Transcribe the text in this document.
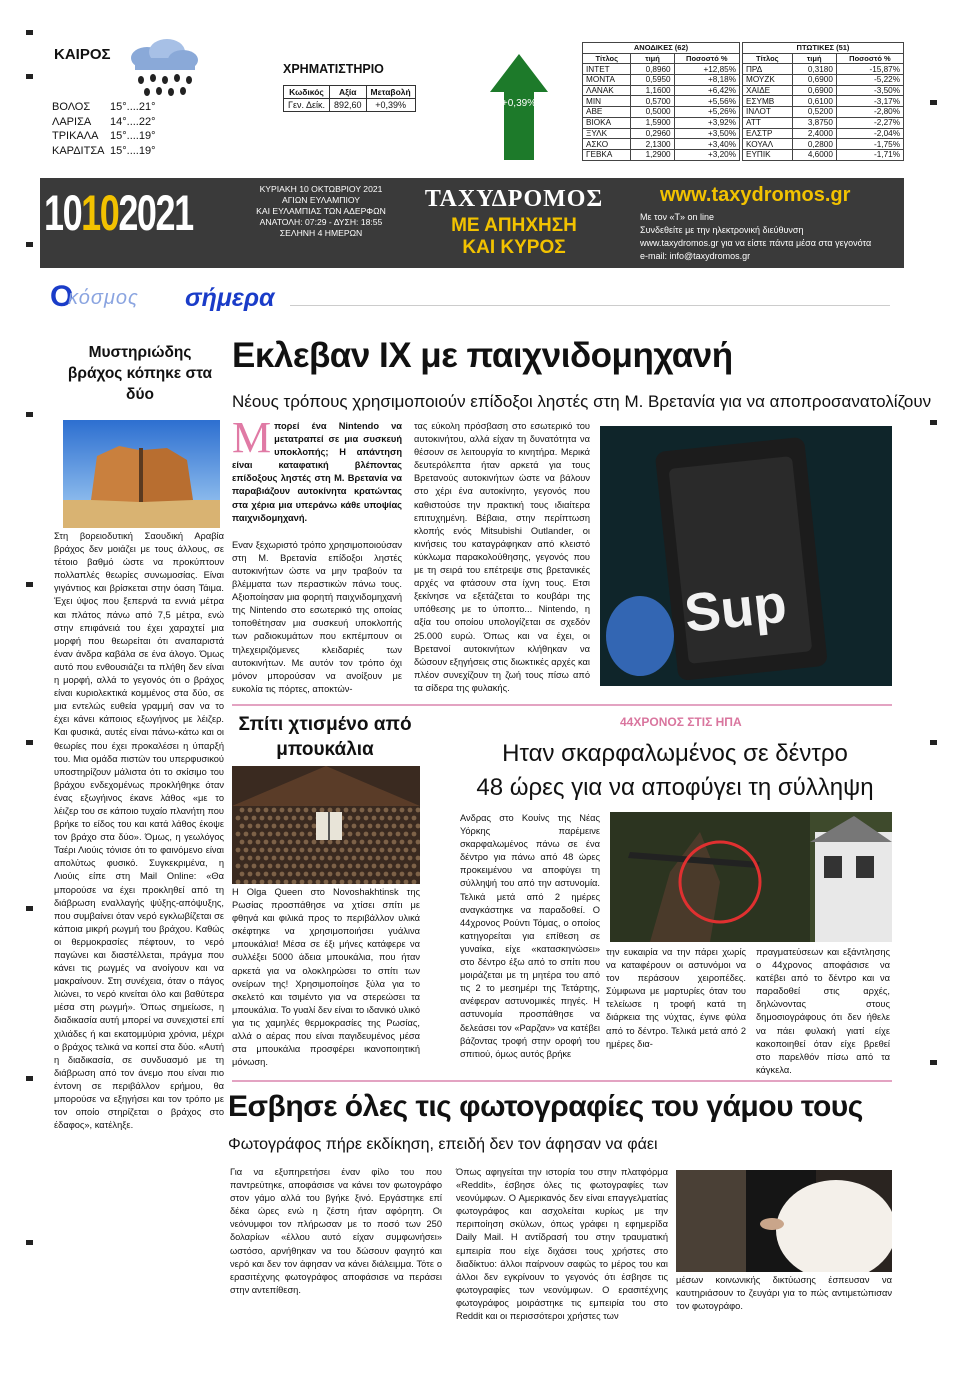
ΚΑΙΡΟΣ
ΒΟΛΟΣ	15°....21°
ΛΑΡΙΣΑ	14°....22°
ΤΡΙΚΑΛΑ	15°....19°
ΚΑΡΔΙΤΣΑ 15°....19°
ΧΡΗΜΑΤΙΣΤΗΡΙΟ
Κωδικός	Αξία	Μεταβολή
Γεν. Δείκ.	892,60	+0,39%	+0,39%
ΑΝΟΔΙΚΕΣ (62)		
Τίτλος	τιμή	Ποσοστό %
INTET	0,8960	+12,85%
ΜΟΝΤΑ	0,5950	+8,18%
ΛΑΝΑΚ	1,1600	+6,42%
MIN	0,5700	+5,56%
ΑΒΕ	0,5000	+5,26%
ΒΙΟΚΑ	1,5900	+3,92%
ΞΥΛΚ	0,2960	+3,50%
ΑΣΚΟ	2,1300	+3,40%
ΓΕΒΚΑ	1,2900	+3,20%
ΠΤΩΤΙΚΕΣ (51)		
Τίτλος	τιμή	Ποσοστό %
ΠΡΔ	0,3180	-15,87%
ΜΟΥΖΚ	0,6900	-5,22%
ΧΑΙΔΕ	0,6900	-3,50%
ΕΣΥΜΒ	0,6100	-3,17%
ΙΝΛΟΤ	0,5200	-2,80%
ΑΤΤ	3,8750	-2,27%
ΕΛΣΤΡ	2,4000	-2,04%
ΚΟΥΑΛ	0,2800	-1,75%
ΕΥΠΙΚ	4,6000	-1,71%
10102021	ΚΥΡΙΑΚΗ 10 ΟΚΤΩΒΡΙΟΥ 2021
ΑΓΙΩΝ ΕΥΛΑΜΠΙΟΥ
ΚΑΙ ΕΥΛΑΜΠΙΑΣ ΤΩΝ ΑΔΕΡΦΩΝ
ΑΝΑΤΟΛΗ: 07:29 - ΔΥΣΗ: 18:55
ΣΕΛΗΝΗ 4 ΗΜΕΡΩΝ
ΤΑΧΥΔΡΟΜΟΣ
ΜΕ ΑΠΗΧΗΣΗ
ΚΑΙ ΚΥΡΟΣ
www.taxydromos.gr
Με τον «Τ» on line
Συνδεθείτε με την ηλεκτρονική διεύθυνση
www.taxydromos.gr για να είστε πάντα μέσα στα γεγονότα
e-mail: info@taxydromos.gr
Ο
κόσμος σήμερα
Μυστηριώδης βράχος κόπηκε στα δύο
Στη βορειοδυτική Σαουδική Αραβία βράχος δεν μοιάζει με τους άλλους, σε τέτοιο βαθμό ώστε να προκύπτουν πολλαπλές θεωρίες συνωμοσίας. Είναι γιγάντιος και βρίσκεται στην όαση Τάιμα. Έχει ύψος που ξεπερνά τα εννιά μέτρα και πλάτος πάνω από 7,5 μέτρα, ενώ στην επιφάνειά του έχει χαραχτεί μια μορφή που θεωρείται ότι αναπαριστά έναν άνδρα καβάλα σε ένα άλογο. Όμως αυτό που ενθουσιάζει τα πλήθη δεν είναι η μορφή, αλλά το γεγονός ότι ο βράχος είναι κυριολεκτικά κομμένος στα δύο, σε μια εντελώς ευθεία γραμμή σαν να το έχει κάνει κάποιος εξωγήινος με λέιζερ. Και φυσικά, αυτές είναι πάνω-κάτω και οι θεωρίες που έχει προκαλέσει η ύπαρξή του. Μια ομάδα πιστών του υπερφυσικού υποστηρίζουν μάλιστα ότι το σκίσιμο του βράχου ενδεχομένως προκλήθηκε όταν ένας εξωγήινος έκανε λάθος «με το λέιζερ του σε κάποιο τυχαίο πλανήτη που βρήκε το είδος του και κατά λάθος έκοψε τον βράχο στα δύο». Όμως, η γεωλόγος Ταέρι Λιούις τόνισε ότι το φαινόμενο είναι απολύτως φυσικό. Συγκεκριμένα, η Λιούις είπε στη Mail Online: «Θα μπορούσε να έχει προκληθεί από τη διάβρωση εναλλαγής ψύξης-απόψυξης, που συμβαίνει όταν νερό εγκλωβίζεται σε κάποια μικρή ρωγμή του βράχου. Καθώς οι θερμοκρασίες πέφτουν, το νερό παγώνει και διαστέλλεται, πράγμα που κάνει τις ρωγμές να ανοίγουν και να μακραίνουν. Στη συνέχεια, όταν ο πάγος λιώνει, το νερό κινείται όλο και βαθύτερα μέσα στη ρωγμή». Όπως σημείωσε, η διαδικασία αυτή μπορεί να συνεχιστεί επί χιλιάδες ή και εκατομμύρια χρόνια, μέχρι ο βράχος τελικά να κοπεί στα δύο. «Αυτή η διαδικασία, σε συνδυασμό με τη διάβρωση από τον άνεμο που είναι πιο έντονη σε περιβάλλον ερήμου, θα μπορούσε να εξηγήσει και τον τρόπο με τον οποίο στηρίζεται ο βράχος στο έδαφος», κατέληξε.
Εκλεβαν ΙΧ με παιχνιδομηχανή
Νέους τρόπους χρησιμοποιούν επίδοξοι ληστές στη Μ. Βρετανία για να αποπροσανατολίζουν
Μπορεί ένα Nintendo να μετατραπεί σε μια συσκευή υποκλοπής; Η απάντηση είναι καταφατική βλέποντας επίδοξους ληστές στη Μ. Βρετανία να παραβιάζουν αυτοκίνητα κρατώντας στα χέρια μια υπεράνω κάθε υποψίας παιχνιδομηχανή.
Εναν ξεχωριστό τρόπο χρησιμοποιούσαν στη Μ. Βρετανία επίδοξοι ληστές αυτοκινήτων ώστε να μην τραβούν τα βλέμματα των περαστικών πάνω τους. Αξιοποίησαν μια φορητή παιχνιδομηχανή της Nintendo στο εσωτερικό της οποίας τοποθέτησαν μια συσκευή υποκλοπής των ραδιοκυμάτων που εκπέμπουν οι τηλεχειριζόμενες κλειδαριές των αυτοκινήτων. Με αυτόν τον τρόπο όχι μόνον μπορούσαν να ανοίξουν με ευκολία τις πόρτες, αποκτών-
τας εύκολη πρόσβαση στο εσωτερικό του αυτοκινήτου, αλλά είχαν τη δυνατότητα να θέσουν σε λειτουργία το κινητήρα. Μερικά δευτερόλεπτα ήταν αρκετά για τους Βρετανούς αυτοκινήτων ώστε να βάλουν στο χέρι ένα αυτοκίνητο, γεγονός που καθιστούσε την πρακτική τους ιδιαίτερα επιτυχημένη. Βέβαια, στην περίπτωση κλοπής ενός Mitsubishi Outlander, οι κινήσεις του καταγράφηκαν από κλειστό κύκλωμα παρακολούθησης, γεγονός που με τη σειρά του επέτρεψε στις βρετανικές αρχές να φτάσουν στα ίχνη τους. Ετσι ξεκίνησε να εξετάζεται το κουβάρι της υπόθεσης με το ύποπτο... Nintendo, η αξία του οποίου υπολογίζεται σε σχεδόν 25.000 ευρώ. Όπως και να έχει, οι Βρετανοί αυτοκινήτων κλήθηκαν να δώσουν εξηγήσεις στις διωκτικές αρχές και πλέον συνεχίζουν τη ζωή τους πίσω από τα σίδερα της φυλακής.
Sup
Σπίτι χτισμένο από μπουκάλια
Η Olga Queen στο Novoshakhtinsk της Ρωσίας προσπάθησε να χτίσει σπίτι με φθηνά και φιλικά προς το περιβάλλον υλικά σκέφτηκε να χρησιμοποιήσει γυάλινα μπουκάλια! Μέσα σε έξι μήνες κατάφερε να συλλέξει 5000 άδεια μπουκάλια, που ήταν αρκετά για να ολοκληρώσει το σπίτι των ονείρων της! Χρησιμοποίησε ξύλα για το σκελετό και τσιμέντο για να στερεώσει τα μπουκάλια. Το γυαλί δεν είναι το ιδανικό υλικό για τις χαμηλές θερμοκρασίες της Ρωσίας, αλλά ο αέρας που είναι παγιδευμένος μέσα στα μπουκάλια προσφέρει ικανοποιητική μόνωση.
44ΧΡΟΝΟΣ ΣΤΙΣ ΗΠΑ
Ηταν σκαρφαλωμένος σε δέντρο
48 ώρες για να αποφύγει τη σύλληψη
Ανδρας στο Κουίνς της Νέας Υόρκης παρέμεινε σκαρφαλωμένος πάνω σε ένα δέντρο για πάνω από 48 ώρες προκειμένου να αποφύγει τη σύλληψή του από την αστυνομία. Τελικά μετά από 2 ημέρες αναγκάστηκε να παραδοθεί. Ο 44χρονος Ρούντι Τόμας, ο οποίος κατηγορείται για επίθεση σε γυναίκα, είχε «κατασκηνώσει» στο δέντρο έξω από το σπίτι που μοιράζεται με τη μητέρα του από τις 2 το μεσημέρι της Τετάρτης, ανέφεραν αστυνομικές πηγές. Η αστυνομία προσπάθησε να δελεάσει τον «Ραρζαν» να κατέβει βάζοντας τροφή στην οροφή του σπιτιού, όμως αυτός βρήκε
την ευκαιρία να την πάρει χωρίς να καταφέρουν οι αστυνόμοι να τον περάσουν χειροπέδες. Σύμφωνα με μαρτυρίες όταν του τελείωσε η τροφή κατά τη διάρκεια της νύχτας, έγινε φύλα από το δέντρο. Τελικά μετά από 2 ημέρες δια-
πραγματεύσεων και εξάντλησης ο 44χρονος αποφάσισε να κατέβει από το δέντρο και να παραδοθεί στις αρχές, δηλώνοντας στους δημοσιογράφους ότι δεν ήθελε να πάει φυλακή γιατί είχε κακοποιηθεί όταν είχε βρεθεί στο παρελθόν πίσω από τα κάγκελα.
Εσβησε όλες τις φωτογραφίες του γάμου τους
Φωτογράφος πήρε εκδίκηση, επειδή δεν τον άφησαν να φάει
Για να εξυπηρετήσει έναν φίλο του που παντρεύτηκε, αποφάσισε να κάνει τον φωτογράφο στον γάμο αλλά του βγήκε ξινό. Εργάστηκε επί δέκα ώρες ενώ η ζέστη ήταν αφόρητη. Οι νεόνυμφοι τον πλήρωσαν με το ποσό των 250 δολαρίων «έλλου αυτό είχαν συμφωνήσει» ωστόσο, αρνήθηκαν να του δώσουν φαγητό και νερό και δεν τον άφησαν να κάνει διάλειμμα. Τότε ο ερασιτέχνης φωτογράφος αποφάσισε να περάσει στην αντεπίθεση.
Όπως αφηγείται την ιστορία του στην πλατφόρμα «Reddit», έσβησε όλες τις φωτογραφίες των νεονύμφων. Ο Αμερικανός δεν είναι επαγγελματίας φωτογράφος και ασχολείται κυρίως με την περιποίηση σκύλων, όπως γράφει η εφημερίδα Daily Mail. Η αντίδρασή του στην τραυματική εμπειρία που είχε διχάσει τους χρήστες στο διαδίκτυο: άλλοι παίρνουν σαφώς το μέρος του και άλλοι δεν εγκρίνουν το γεγονός ότι έσβησε τις φωτογραφίες των νεονύμφων. Ο ερασιτέχνης φωτογράφος μοιράστηκε τις εμπειρία του στο Reddit και οι περισσότεροι χρήστες των
μέσων κοινωνικής δικτύωσης έσπευσαν να καυτηριάσουν το ζευγάρι για το πώς αντιμετώπισαν τον φωτογράφο.
